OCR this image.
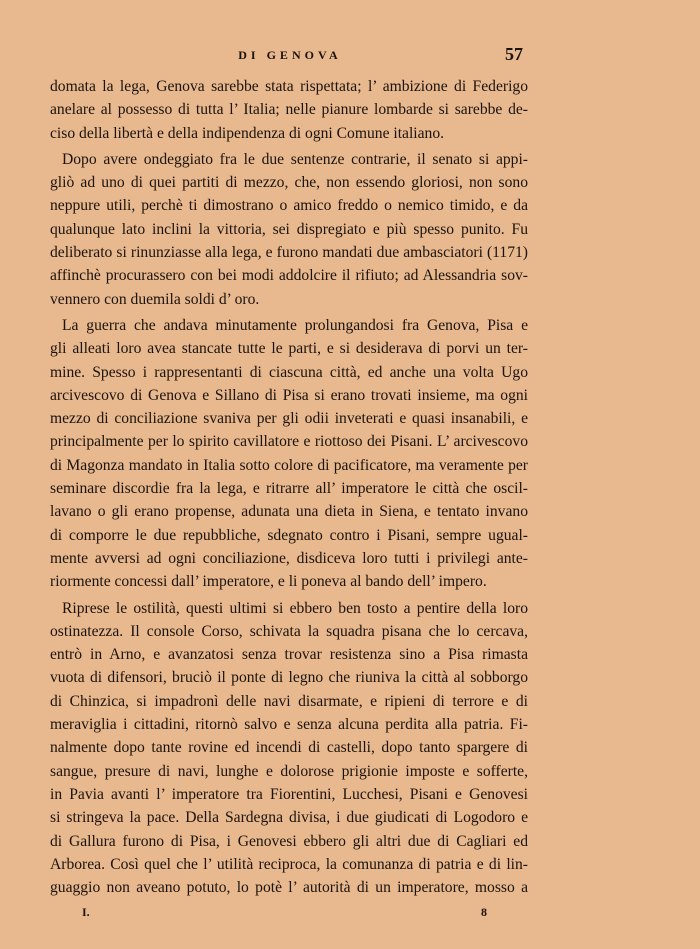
DI GENOVA	57
domata la lega, Genova sarebbe stata rispettata; l’ ambizione di Federigo
anelare al possesso di tutta l’ Italia; nelle pianure lombarde si sarebbe de-
ciso della libertà e della indipendenza di ogni Comune italiano.
Dopo avere ondeggiato fra le due sentenze contrarie, il senato si appi-
gliò ad uno di quei partiti di mezzo, che, non essendo gloriosi, non sono
neppure utili, perchè ti dimostrano o amico freddo o nemico timido, e da
qualunque lato inclini la vittoria, sei dispregiato e più spesso punito. Fu
deliberato si rinunziasse alla lega, e furono mandati due ambasciatori (1171)
affinchè procurassero con bei modi addolcire il rifiuto; ad Alessandria sov-
vennero con duemila soldi d’ oro.
La guerra che andava minutamente prolungandosi fra Genova, Pisa e
gli alleati loro avea stancate tutte le parti, e si desiderava di porvi un ter-
mine. Spesso i rappresentanti di ciascuna città, ed anche una volta Ugo
arcivescovo di Genova e Sillano di Pisa si erano trovati insieme, ma ogni
mezzo di conciliazione svaniva per gli odii inveterati e quasi insanabili, e
principalmente per lo spirito cavillatore e riottoso dei Pisani. L’ arcivescovo
di Magonza mandato in Italia sotto colore di pacificatore, ma veramente per
seminare discordie fra la lega, e ritrarre all’ imperatore le città che oscil-
lavano o gli erano propense, adunata una dieta in Siena, e tentato invano
di comporre le due repubbliche, sdegnato contro i Pisani, sempre ugual-
mente avversi ad ogni conciliazione, disdiceva loro tutti i privilegi ante-
riormente concessi dall’ imperatore, e li poneva al bando dell’ impero.
Riprese le ostilità, questi ultimi si ebbero ben tosto a pentire della loro
ostinatezza. Il console Corso, schivata la squadra pisana che lo cercava,
entrò in Arno, e avanzatosi senza trovar resistenza sino a Pisa rimasta
vuota di difensori, bruciò il ponte di legno che riuniva la città al sobborgo
di Chinzica, si impadronì delle navi disarmate, e ripieni di terrore e di
meraviglia i cittadini, ritornò salvo e senza alcuna perdita alla patria. Fi-
nalmente dopo tante rovine ed incendi di castelli, dopo tanto spargere di
sangue, presure di navi, lunghe e dolorose prigionie imposte e sofferte,
in Pavia avanti l’ imperatore tra Fiorentini, Lucchesi, Pisani e Genovesi
si stringeva la pace. Della Sardegna divisa, i due giudicati di Logodoro e
di Gallura furono di Pisa, i Genovesi ebbero gli altri due di Cagliari ed
Arborea. Così quel che l’ utilità reciproca, la comunanza di patria e di lin-
guaggio non aveano potuto, lo potè l’ autorità di un imperatore, mosso a
I.	8
